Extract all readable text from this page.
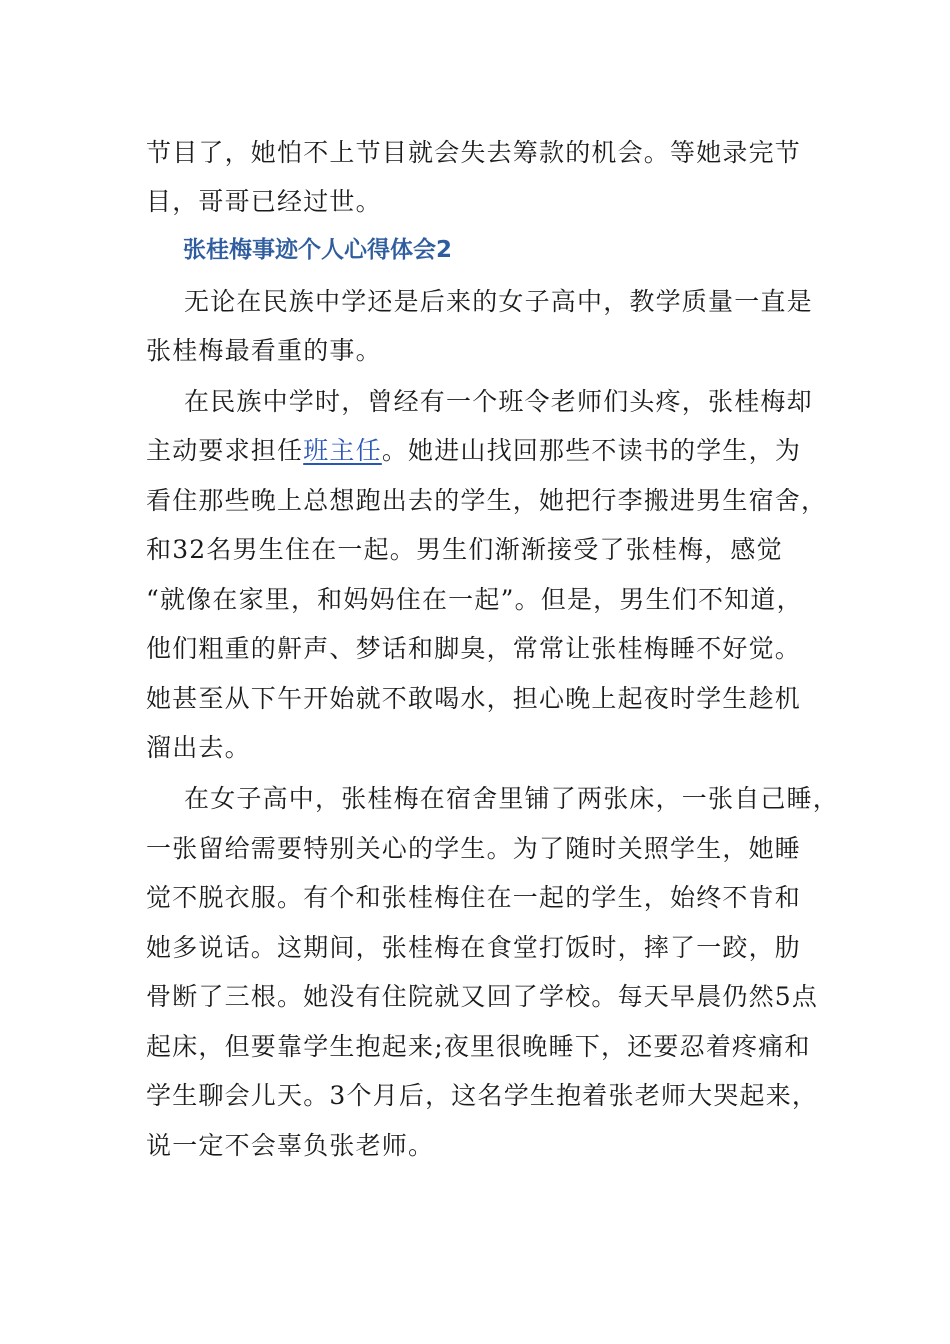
节目了，她怕不上节目就会失去筹款的机会。等她录完节
目，哥哥已经过世。
张桂梅事迹个人心得体会2
无论在民族中学还是后来的女子高中，教学质量一直是
张桂梅最看重的事。
在民族中学时，曾经有一个班令老师们头疼，张桂梅却
主动要求担任班主任。她进山找回那些不读书的学生，为
看住那些晚上总想跑出去的学生，她把行李搬进男生宿舍，
和32名男生住在一起。男生们渐渐接受了张桂梅，感觉
“就像在家里，和妈妈住在一起”。但是，男生们不知道，
他们粗重的鼾声、梦话和脚臭，常常让张桂梅睡不好觉。
她甚至从下午开始就不敢喝水，担心晚上起夜时学生趁机
溜出去。
在女子高中，张桂梅在宿舍里铺了两张床，一张自己睡，
一张留给需要特别关心的学生。为了随时关照学生，她睡
觉不脱衣服。有个和张桂梅住在一起的学生，始终不肯和
她多说话。这期间，张桂梅在食堂打饭时，摔了一跤，肋
骨断了三根。她没有住院就又回了学校。每天早晨仍然5点
起床，但要靠学生抱起来;夜里很晚睡下，还要忍着疼痛和
学生聊会儿天。3个月后，这名学生抱着张老师大哭起来，
说一定不会辜负张老师。
